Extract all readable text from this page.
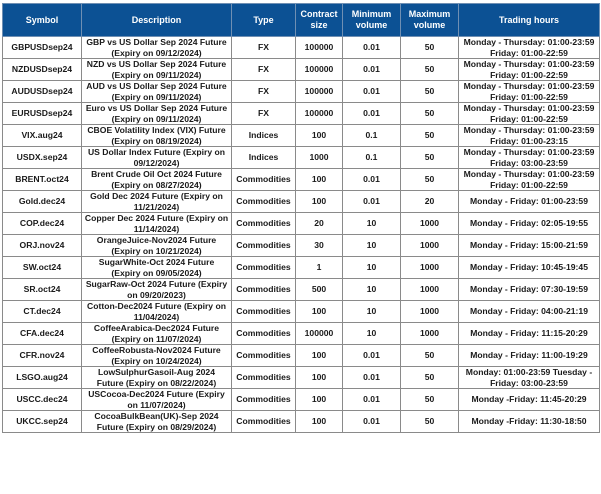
Symbol	Description	Type	Contract size	Minimum volume	Maximum volume	Trading hours
GBPUSDsep24	GBP vs US Dollar Sep 2024 Future (Expiry on 09/12/2024)	FX	100000	0.01	50	Monday - Thursday: 01:00-23:59 Friday: 01:00-22:59
NZDUSDsep24	NZD vs US Dollar Sep 2024 Future (Expiry on 09/11/2024)	FX	100000	0.01	50	Monday - Thursday: 01:00-23:59 Friday: 01:00-22:59
AUDUSDsep24	AUD vs US Dollar Sep 2024 Future (Expiry on 09/11/2024)	FX	100000	0.01	50	Monday - Thursday: 01:00-23:59 Friday: 01:00-22:59
EURUSDsep24	Euro vs US Dollar Sep 2024 Future (Expiry on 09/11/2024)	FX	100000	0.01	50	Monday - Thursday: 01:00-23:59 Friday: 01:00-22:59
VIX.aug24	CBOE Volatility Index (VIX) Future (Expiry on 08/19/2024)	Indices	100	0.1	50	Monday - Thursday: 01:00-23:59 Friday: 01:00-23:15
USDX.sep24	US Dollar Index Future (Expiry on 09/12/2024)	Indices	1000	0.1	50	Monday - Thursday: 01:00-23:59 Friday: 03:00-23:59
BRENT.oct24	Brent Crude Oil Oct 2024 Future (Expiry on 08/27/2024)	Commodities	100	0.01	50	Monday - Thursday: 01:00-23:59 Friday: 01:00-22:59
Gold.dec24	Gold Dec 2024 Future (Expiry on 11/21/2024)	Commodities	100	0.01	20	Monday - Friday: 01:00-23:59
COP.dec24	Copper Dec 2024 Future (Expiry on 11/14/2024)	Commodities	20	10	1000	Monday - Friday: 02:05-19:55
ORJ.nov24	OrangeJuice-Nov2024 Future (Expiry on 10/21/2024)	Commodities	30	10	1000	Monday - Friday: 15:00-21:59
SW.oct24	SugarWhite-Oct 2024 Future (Expiry on 09/05/2024)	Commodities	1	10	1000	Monday - Friday: 10:45-19:45
SR.oct24	SugarRaw-Oct 2024 Future (Expiry on 09/20/2023)	Commodities	500	10	1000	Monday - Friday: 07:30-19:59
CT.dec24	Cotton-Dec2024 Future (Expiry on 11/04/2024)	Commodities	100	10	1000	Monday - Friday: 04:00-21:19
CFA.dec24	CoffeeArabica-Dec2024 Future (Expiry on 11/07/2024)	Commodities	100000	10	1000	Monday - Friday: 11:15-20:29
CFR.nov24	CoffeeRobusta-Nov2024 Future (Expiry on 10/24/2024)	Commodities	100	0.01	50	Monday - Friday: 11:00-19:29
LSGO.aug24	LowSulphurGasoil-Aug 2024 Future (Expiry on 08/22/2024)	Commodities	100	0.01	50	Monday: 01:00-23:59 Tuesday - Friday: 03:00-23:59
USCC.dec24	USCocoa-Dec2024 Future (Expiry on 11/07/2024)	Commodities	100	0.01	50	Monday -Friday: 11:45-20:29
UKCC.sep24	CocoaBulkBean(UK)-Sep 2024 Future (Expiry on 08/29/2024)	Commodities	100	0.01	50	Monday -Friday: 11:30-18:50
